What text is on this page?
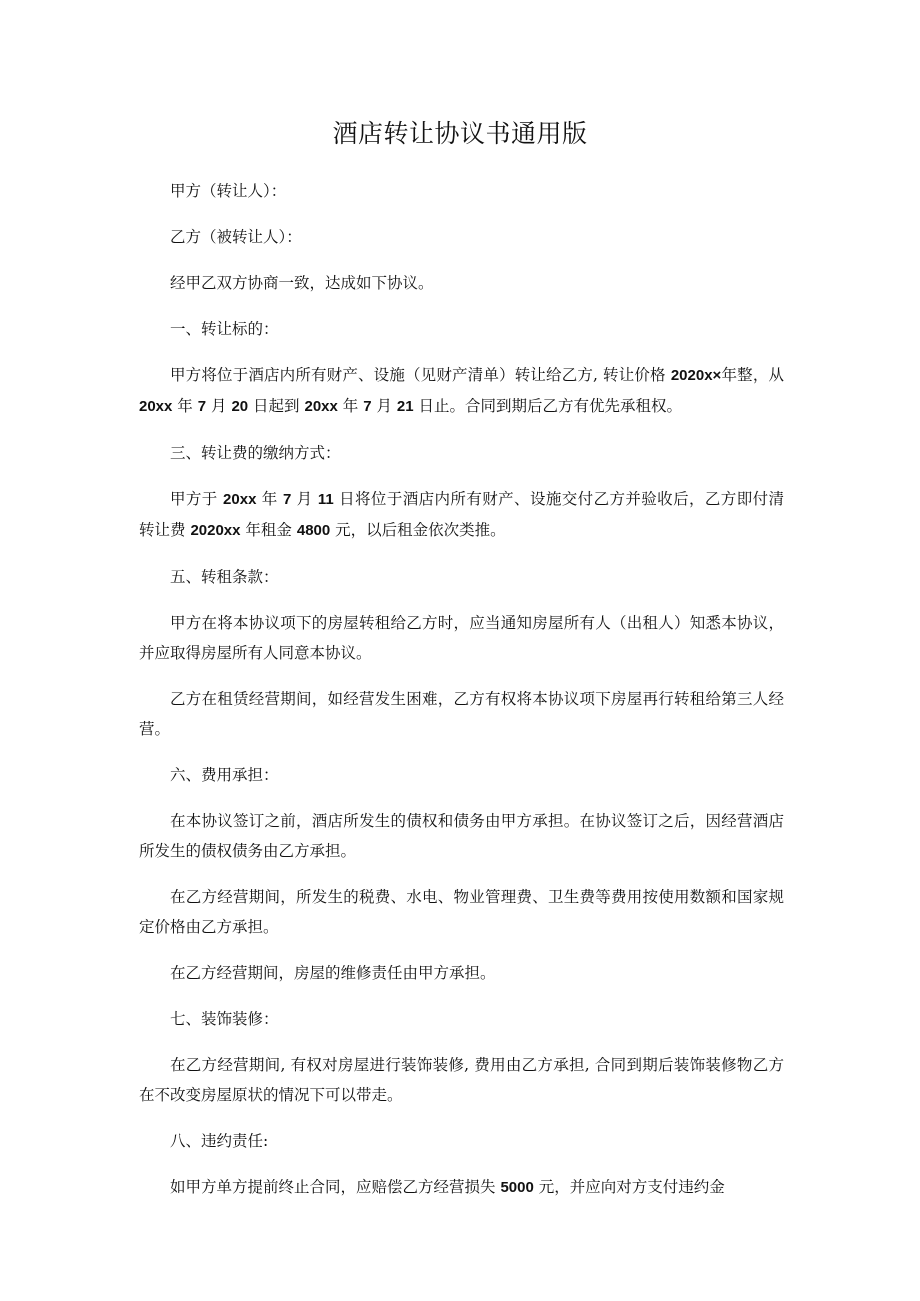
酒店转让协议书通用版

甲方（转让人）：

乙方（被转让人）：

经甲乙双方协商一致，达成如下协议。

一、转让标的：

甲方将位于酒店内所有财产、设施（见财产清单）转让给乙方, 转让价格 2020x×年整，从 20xx 年 7 月 20 日起到 20xx 年 7 月 21 日止。合同到期后乙方有优先承租权。

三、转让费的缴纳方式：

甲方于 20xx 年 7 月 11 日将位于酒店内所有财产、设施交付乙方并验收后，乙方即付清转让费 2020xx 年租金 4800 元，以后租金依次类推。

五、转租条款：

甲方在将本协议项下的房屋转租给乙方时，应当通知房屋所有人（出租人）知悉本协议，并应取得房屋所有人同意本协议。

乙方在租赁经营期间，如经营发生困难，乙方有权将本协议项下房屋再行转租给第三人经营。

六、费用承担：

在本协议签订之前，酒店所发生的债权和债务由甲方承担。在协议签订之后，因经营酒店所发生的债权债务由乙方承担。

在乙方经营期间，所发生的税费、水电、物业管理费、卫生费等费用按使用数额和国家规定价格由乙方承担。

在乙方经营期间，房屋的维修责任由甲方承担。

七、装饰装修：

在乙方经营期间, 有权对房屋进行装饰装修, 费用由乙方承担, 合同到期后装饰装修物乙方在不改变房屋原状的情况下可以带走。

八、违约责任:

如甲方单方提前终止合同，应赔偿乙方经营损失 5000 元，并应向对方支付违约金
